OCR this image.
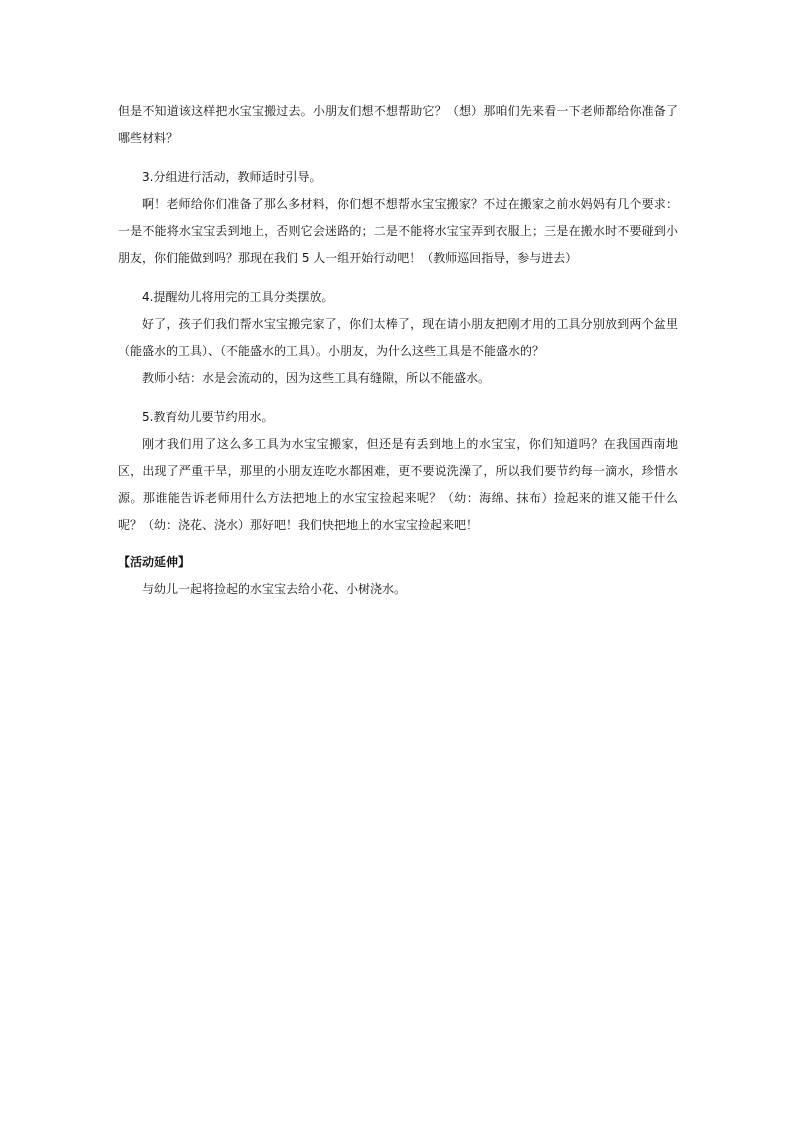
但是不知道该这样把水宝宝搬过去。小朋友们想不想帮助它？（想）那咱们先来看一下老师都给你准备了哪些材料？

3.分组进行活动，教师适时引导。

啊！老师给你们准备了那么多材料，你们想不想帮水宝宝搬家？不过在搬家之前水妈妈有几个要求：一是不能将水宝宝丢到地上，否则它会迷路的；二是不能将水宝宝弄到衣服上；三是在搬水时不要碰到小朋友，你们能做到吗？那现在我们 5 人一组开始行动吧！（教师巡回指导，参与进去）

4.提醒幼儿将用完的工具分类摆放。

好了，孩子们我们帮水宝宝搬完家了，你们太棒了，现在请小朋友把刚才用的工具分别放到两个盆里（能盛水的工具）、（不能盛水的工具）。小朋友，为什么这些工具是不能盛水的？

教师小结：水是会流动的，因为这些工具有缝隙，所以不能盛水。

5.教育幼儿要节约用水。

刚才我们用了这么多工具为水宝宝搬家，但还是有丢到地上的水宝宝，你们知道吗？在我国西南地区，出现了严重干旱，那里的小朋友连吃水都困难，更不要说洗澡了，所以我们要节约每一滴水，珍惜水源。那谁能告诉老师用什么方法把地上的水宝宝捡起来呢？（幼：海绵、抹布）捡起来的谁又能干什么呢？（幼：浇花、浇水）那好吧！我们快把地上的水宝宝捡起来吧！

【活动延伸】

与幼儿一起将捡起的水宝宝去给小花、小树浇水。
